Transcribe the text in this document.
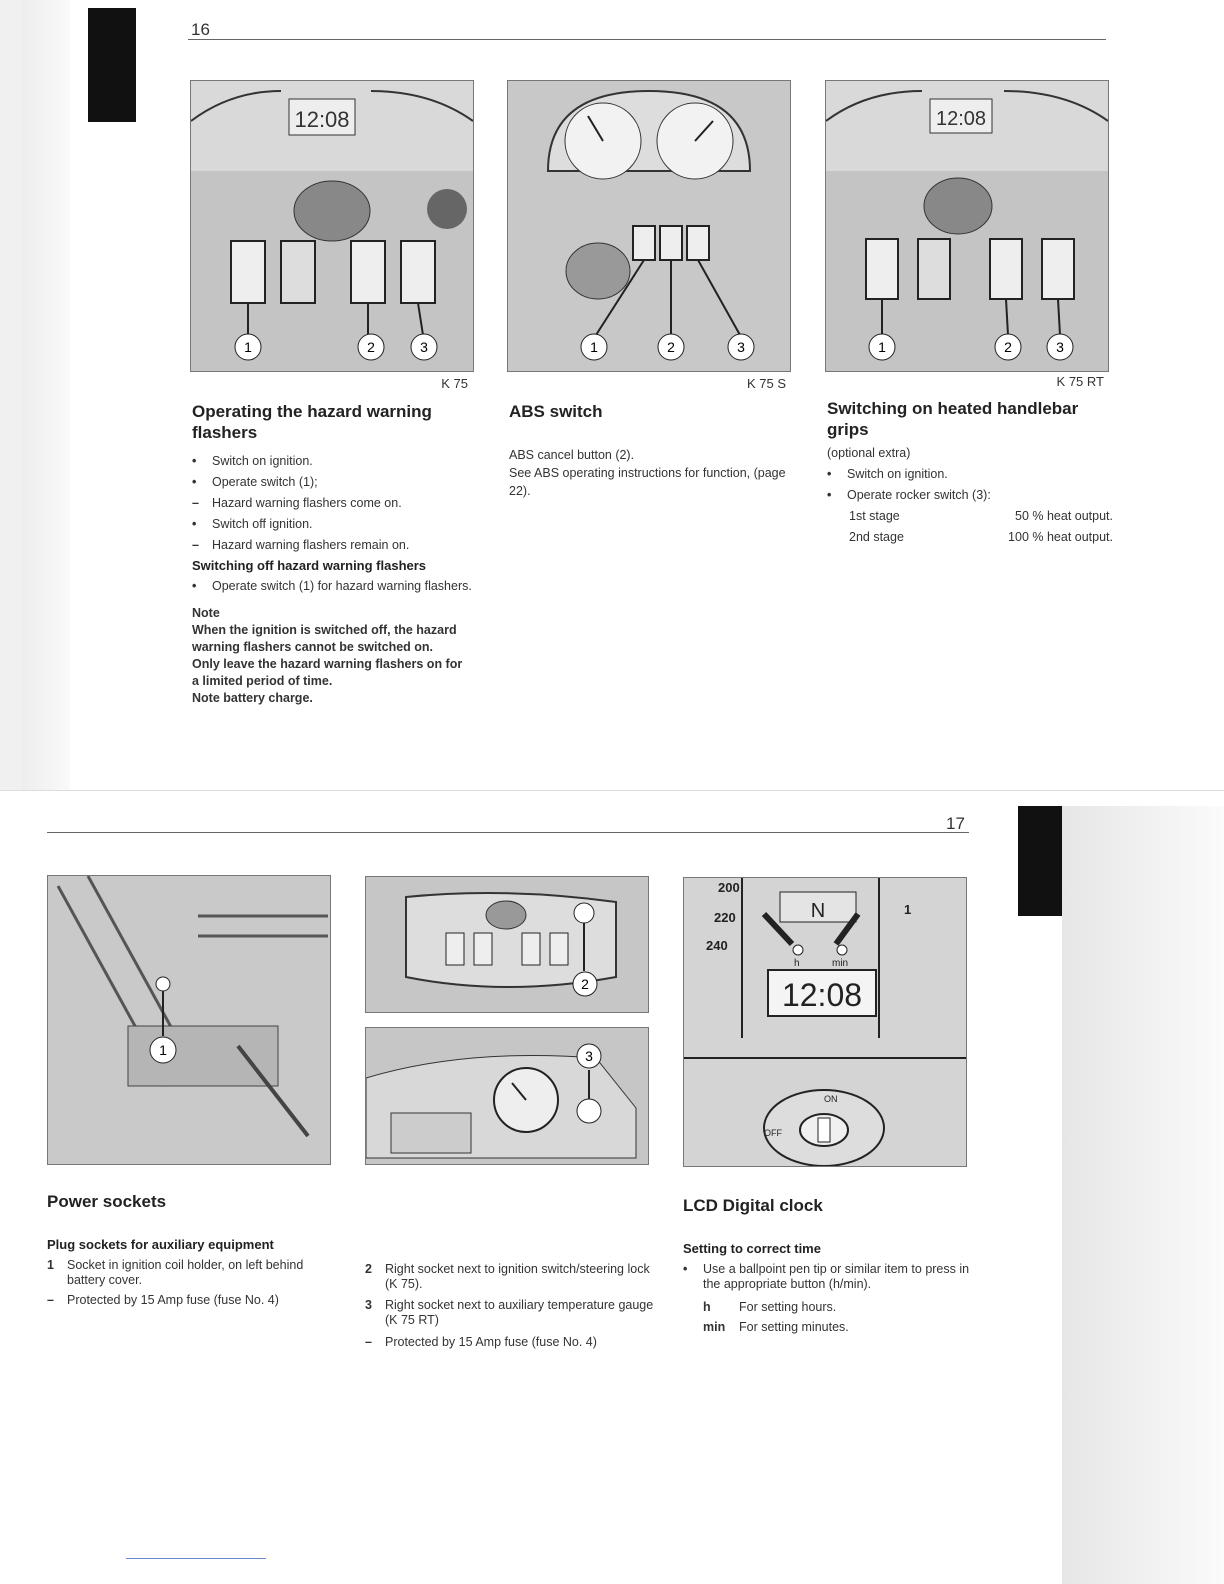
16
12:08
1	2	3
K 75
1	2	3
K 75 S
12:08
1	2	3
K 75 RT
Operating the hazard warning flashers
•	Switch on ignition.
•	Operate switch (1);
–	Hazard warning flashers come on.
•	Switch off ignition.
–	Hazard warning flashers remain on.
Switching off hazard warning flashers
•	Operate switch (1) for hazard warning flashers.
Note
When the ignition is switched off, the hazard warning flashers cannot be switched on.
Only leave the hazard warning flashers on for a limited period of time.
Note battery charge.
ABS switch
ABS cancel button (2).
See ABS operating instructions for function, (page 22).
Switching on heated handlebar grips
(optional extra)
•	Switch on ignition.
•	Operate rocker switch (3):
1st stage	50 % heat output.
2nd stage	100 % heat output.
17
1
2
3
200
220
240
N
h	min
1
12:08
OFF
ON
Power sockets
Plug sockets for auxiliary equipment
1	Socket in ignition coil holder, on left behind battery cover.
–	Protected by 15 Amp fuse (fuse No. 4)
2	Right socket next to ignition switch/steering lock (K 75).
3	Right socket next to auxiliary temperature gauge (K 75 RT)
–	Protected by 15 Amp fuse (fuse No. 4)
LCD Digital clock
Setting to correct time
•	Use a ballpoint pen tip or similar item to press in the appropriate button (h/min).
h For setting hours.
min For setting minutes.
